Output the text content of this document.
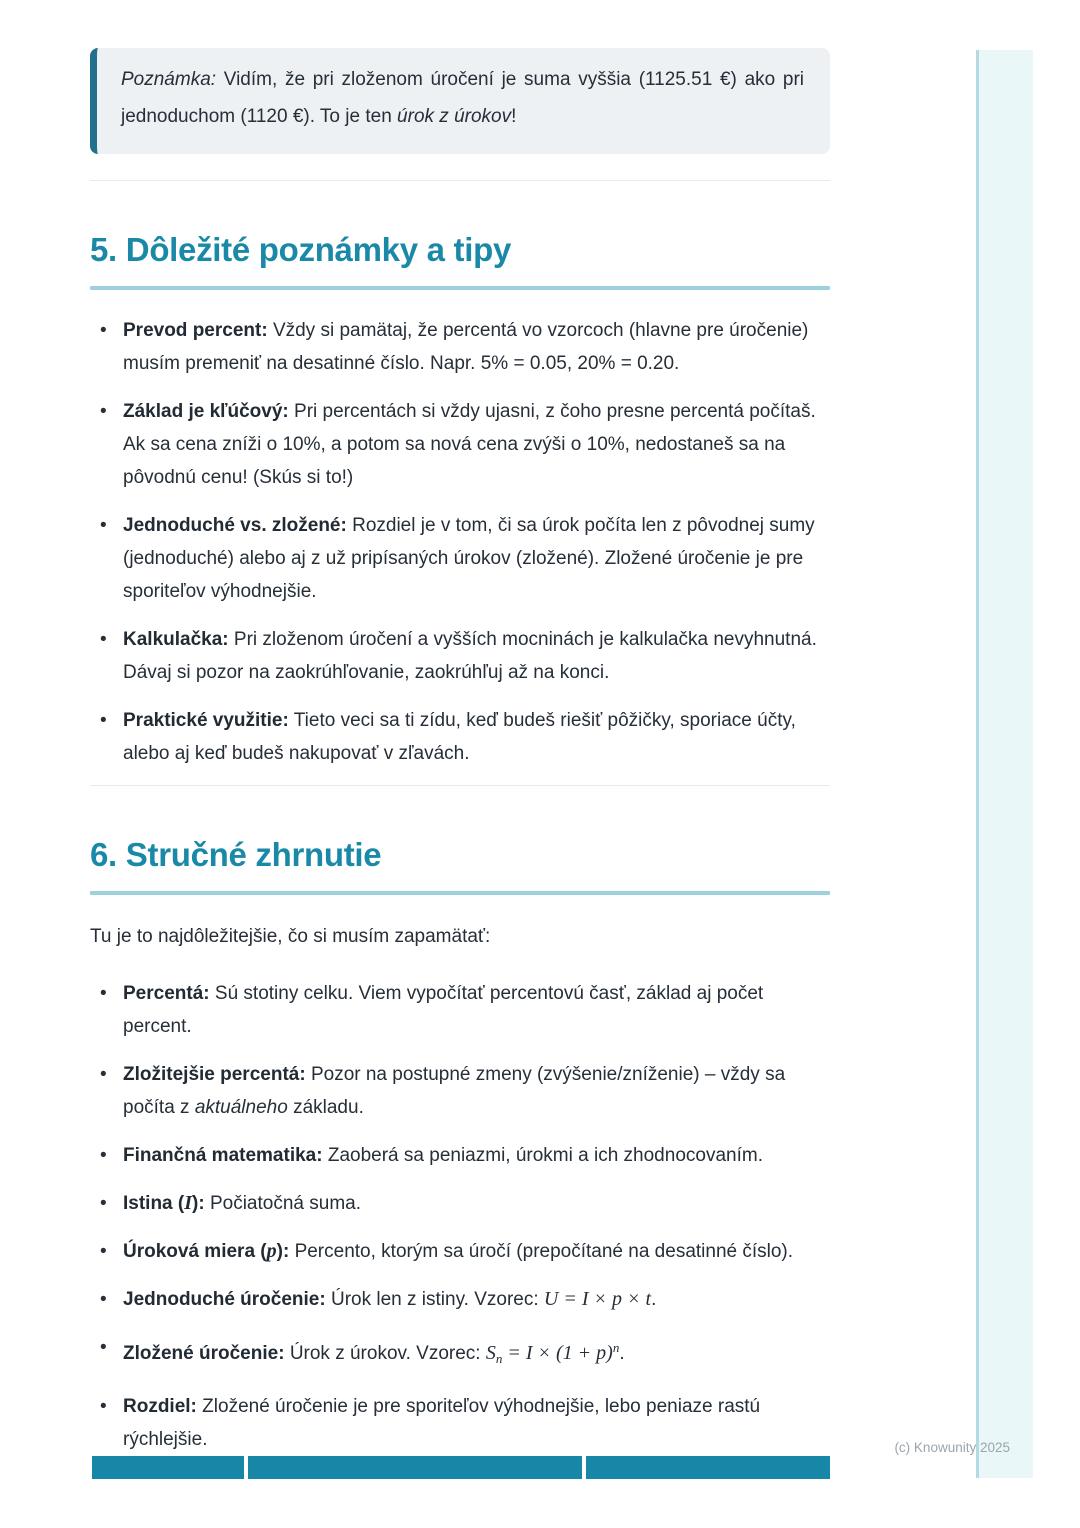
Poznámka: Vidím, že pri zloženom úročení je suma vyššia (1125.51 €) ako pri jednoduchom (1120 €). To je ten úrok z úrokov!
5. Dôležité poznámky a tipy
• Prevod percent: Vždy si pamätaj, že percentá vo vzorcoch (hlavne pre úročenie) musím premeniť na desatinné číslo. Napr. 5% = 0.05, 20% = 0.20.
• Základ je kľúčový: Pri percentách si vždy ujasni, z čoho presne percentá počítaš. Ak sa cena zníži o 10%, a potom sa nová cena zvýši o 10%, nedostaneš sa na pôvodnú cenu! (Skús si to!)
• Jednoduché vs. zložené: Rozdiel je v tom, či sa úrok počíta len z pôvodnej sumy (jednoduché) alebo aj z už pripísaných úrokov (zložené). Zložené úročenie je pre sporiteľov výhodnejšie.
• Kalkulačka: Pri zloženom úročení a vyšších mocninách je kalkulačka nevyhnutná. Dávaj si pozor na zaokrúhľovanie, zaokrúhľuj až na konci.
• Praktické využitie: Tieto veci sa ti zídu, keď budeš riešiť pôžičky, sporiace účty, alebo aj keď budeš nakupovať v zľavách.
6. Stručné zhrnutie

Tu je to najdôležitejšie, čo si musím zapamätať:

• Percentá: Sú stotiny celku. Viem vypočítať percentovú časť, základ aj počet percent.
• Zložitejšie percentá: Pozor na postupné zmeny (zvýšenie/zníženie) – vždy sa počíta z aktuálneho základu.
• Finančná matematika: Zaoberá sa peniazmi, úrokmi a ich zhodnocovaním.
• Istina (I): Počiatočná suma.
• Úroková miera (p): Percento, ktorým sa úročí (prepočítané na desatinné číslo).
• Jednoduché úročenie: Úrok len z istiny. Vzorec: U = I × p × t.
• Zložené úročenie: Úrok z úrokov. Vzorec: $S_n = I \times (1 + p)^n$.
• Rozdiel: Zložené úročenie je pre sporiteľov výhodnejšie, lebo peniaze rastú rýchlejšie.	(c) Knowunity 2025
